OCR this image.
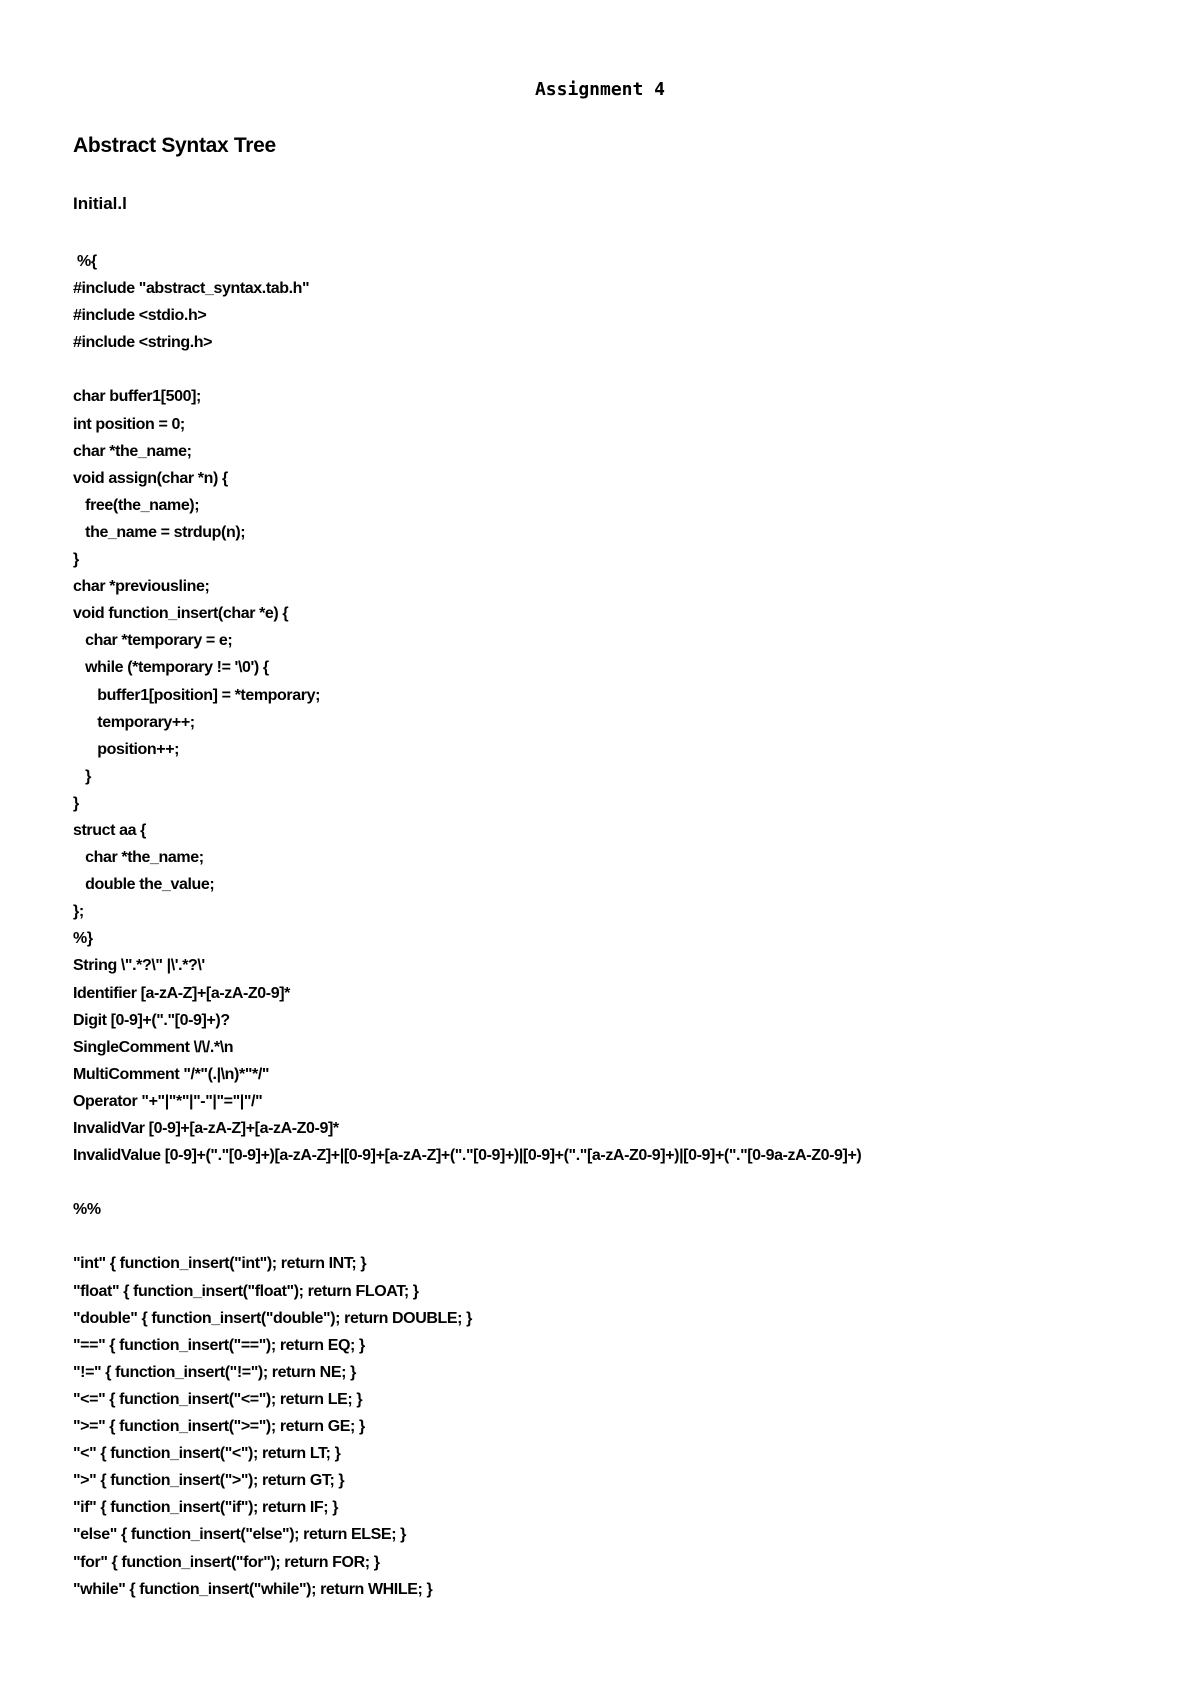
Assignment 4
Abstract Syntax Tree
Initial.l
%{
#include "abstract_syntax.tab.h"
#include <stdio.h>
#include <string.h>
char buffer1[500];
int position = 0;
char *the_name;
void assign(char *n) {
free(the_name);
the_name = strdup(n);
}
char *previousline;
void function_insert(char *e) {
char *temporary = e;
while (*temporary != '\0') {
buffer1[position] = *temporary;
temporary++;
position++;
}
}
struct aa {
char *the_name;
double the_value;
};
%}
String \".*?\" |\'.*?\'
Identifier [a-zA-Z]+[a-zA-Z0-9]*
Digit [0-9]+("."[0-9]+)?
SingleComment \/\/.*\n
MultiComment "/*"(.|\n)*"*/"
Operator "+"|"*"|"-"|"="|"/"
InvalidVar [0-9]+[a-zA-Z]+[a-zA-Z0-9]*
InvalidValue [0-9]+("."[0-9]+)[a-zA-Z]+|[0-9]+[a-zA-Z]+("."[0-9]+)|[0-9]+("."[a-zA-Z0-9]+)|[0-9]+("."[0-9a-zA-Z0-9]+)
%%
"int" { function_insert("int"); return INT; }
"float" { function_insert("float"); return FLOAT; }
"double" { function_insert("double"); return DOUBLE; }
"==" { function_insert("=="); return EQ; }
"!=" { function_insert("!="); return NE; }
"<=" { function_insert("<="); return LE; }
">=" { function_insert(">="); return GE; }
"<" { function_insert("<"); return LT; }
">" { function_insert(">"); return GT; }
"if" { function_insert("if"); return IF; }
"else" { function_insert("else"); return ELSE; }
"for" { function_insert("for"); return FOR; }
"while" { function_insert("while"); return WHILE; }
